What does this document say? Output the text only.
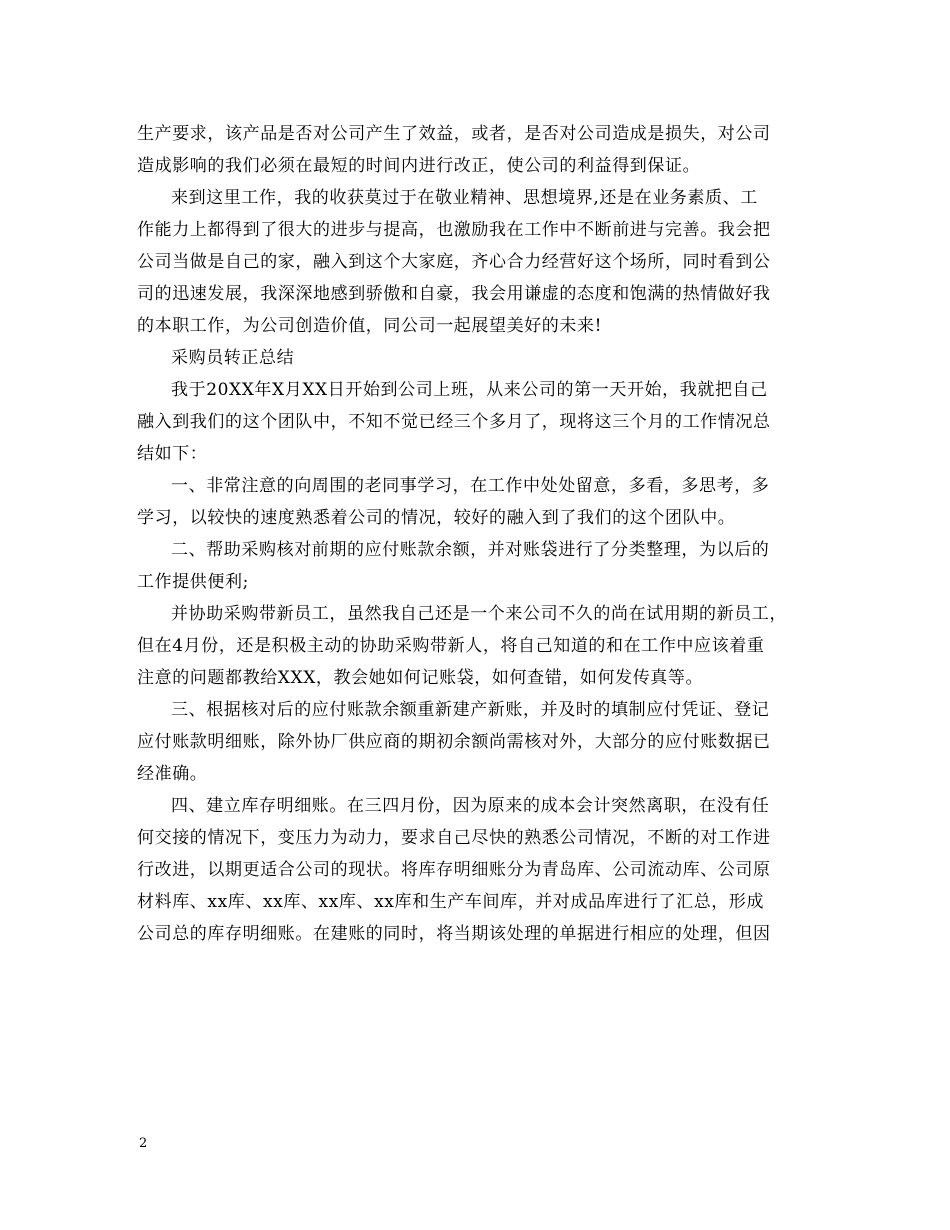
生产要求，该产品是否对公司产生了效益，或者，是否对公司造成是损失，对公司
造成影响的我们必须在最短的时间内进行改正，使公司的利益得到保证。
来到这里工作，我的收获莫过于在敬业精神、思想境界,还是在业务素质、工
作能力上都得到了很大的进步与提高，也激励我在工作中不断前进与完善。我会把
公司当做是自己的家，融入到这个大家庭，齐心合力经营好这个场所，同时看到公
司的迅速发展，我深深地感到骄傲和自豪，我会用谦虚的态度和饱满的热情做好我
的本职工作，为公司创造价值，同公司一起展望美好的未来!
采购员转正总结
我于20XX年X月XX日开始到公司上班，从来公司的第一天开始，我就把自己
融入到我们的这个团队中，不知不觉已经三个多月了，现将这三个月的工作情况总
结如下：
一、非常注意的向周围的老同事学习，在工作中处处留意，多看，多思考，多
学习，以较快的速度熟悉着公司的情况，较好的融入到了我们的这个团队中。
二、帮助采购核对前期的应付账款余额，并对账袋进行了分类整理，为以后的
工作提供便利;
并协助采购带新员工，虽然我自己还是一个来公司不久的尚在试用期的新员工，
但在4月份，还是积极主动的协助采购带新人，将自己知道的和在工作中应该着重
注意的问题都教给XXX，教会她如何记账袋，如何查错，如何发传真等。
三、根据核对后的应付账款余额重新建产新账，并及时的填制应付凭证、登记
应付账款明细账，除外协厂供应商的期初余额尚需核对外，大部分的应付账数据已
经准确。
四、建立库存明细账。在三四月份，因为原来的成本会计突然离职，在没有任
何交接的情况下，变压力为动力，要求自己尽快的熟悉公司情况，不断的对工作进
行改进，以期更适合公司的现状。将库存明细账分为青岛库、公司流动库、公司原
材料库、xx库、xx库、xx库、xx库和生产车间库，并对成品库进行了汇总，形成
公司总的库存明细账。在建账的同时，将当期该处理的单据进行相应的处理，但因
2
